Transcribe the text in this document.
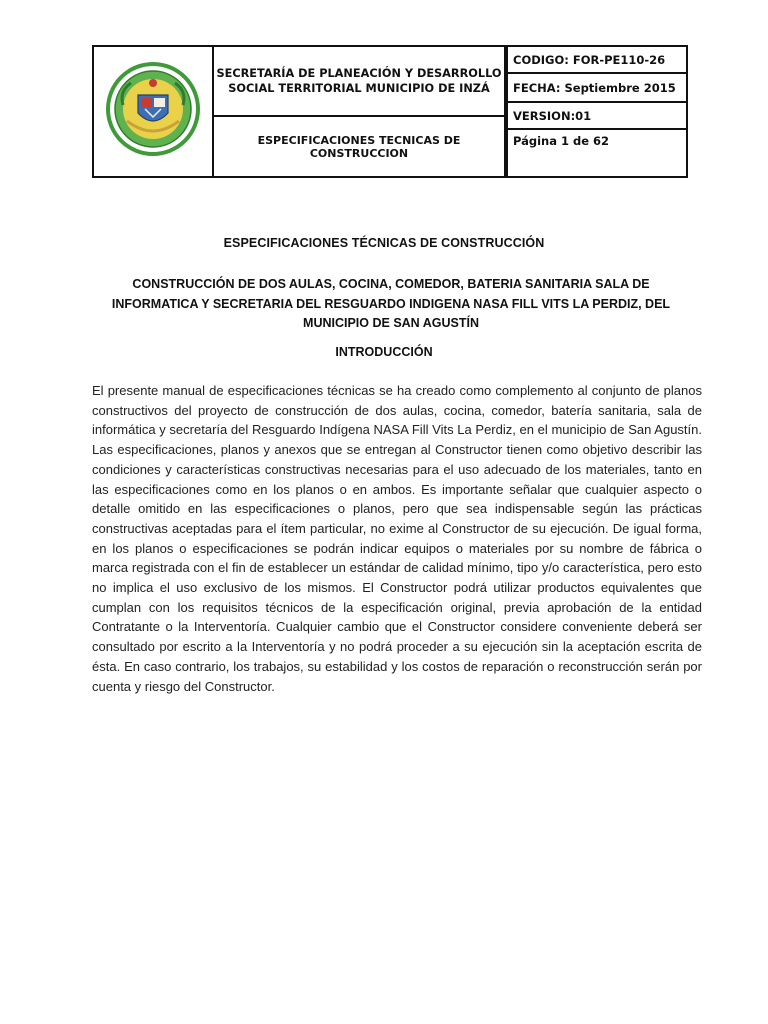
SECRETARÍA DE PLANEACIÓN Y DESARROLLO SOCIAL TERRITORIAL MUNICIPIO DE INZÁ
ESPECIFICACIONES TECNICAS DE CONSTRUCCION
CODIGO: FOR-PE110-26
FECHA: Septiembre 2015
VERSION:01
Página 1 de 62
ESPECIFICACIONES TÉCNICAS DE CONSTRUCCIÓN
CONSTRUCCIÓN DE DOS AULAS, COCINA, COMEDOR, BATERIA SANITARIA SALA DE INFORMATICA Y SECRETARIA DEL RESGUARDO INDIGENA NASA FILL VITS LA PERDIZ, DEL MUNICIPIO DE SAN AGUSTÍN
INTRODUCCIÓN
El presente manual de especificaciones técnicas se ha creado como complemento al conjunto de planos constructivos del proyecto de construcción de dos aulas, cocina, comedor, batería sanitaria, sala de informática y secretaría del Resguardo Indígena NASA Fill Vits La Perdiz, en el municipio de San Agustín. Las especificaciones, planos y anexos que se entregan al Constructor tienen como objetivo describir las condiciones y características constructivas necesarias para el uso adecuado de los materiales, tanto en las especificaciones como en los planos o en ambos. Es importante señalar que cualquier aspecto o detalle omitido en las especificaciones o planos, pero que sea indispensable según las prácticas constructivas aceptadas para el ítem particular, no exime al Constructor de su ejecución. De igual forma, en los planos o especificaciones se podrán indicar equipos o materiales por su nombre de fábrica o marca registrada con el fin de establecer un estándar de calidad mínimo, tipo y/o característica, pero esto no implica el uso exclusivo de los mismos. El Constructor podrá utilizar productos equivalentes que cumplan con los requisitos técnicos de la especificación original, previa aprobación de la entidad Contratante o la Interventoría. Cualquier cambio que el Constructor considere conveniente deberá ser consultado por escrito a la Interventoría y no podrá proceder a su ejecución sin la aceptación escrita de ésta. En caso contrario, los trabajos, su estabilidad y los costos de reparación o reconstrucción serán por cuenta y riesgo del Constructor.
